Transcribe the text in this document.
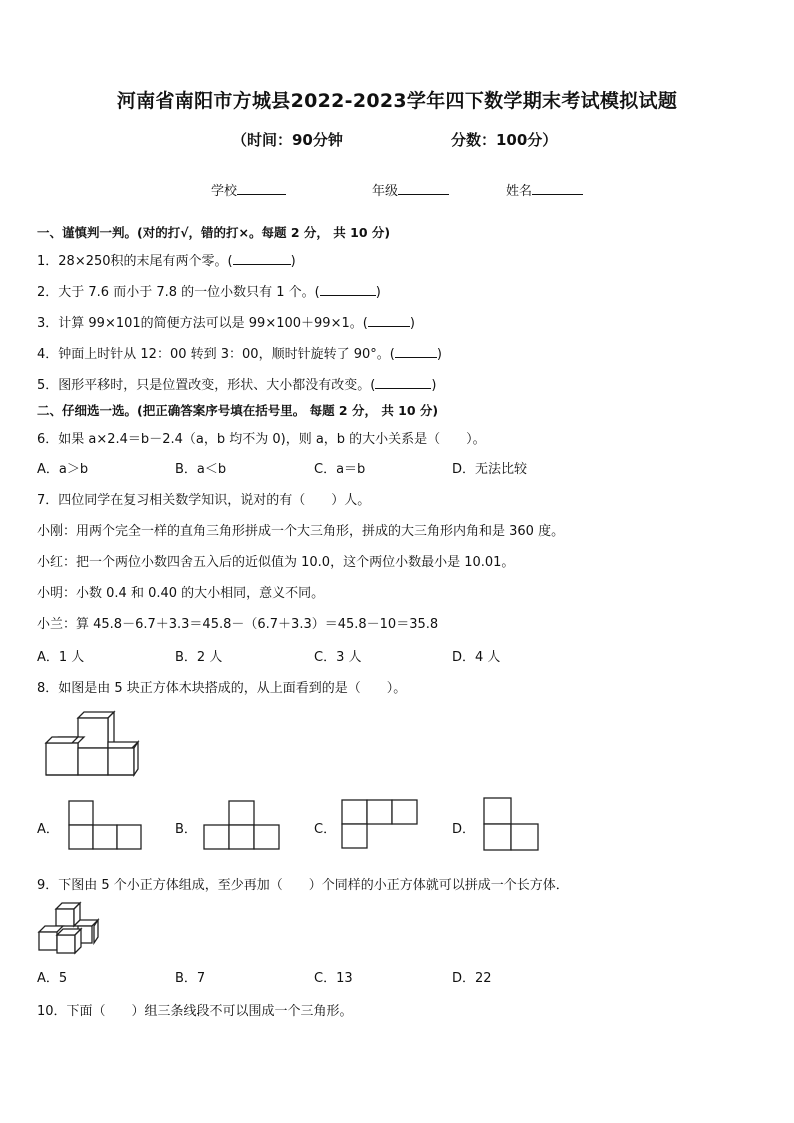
河南省南阳市方城县2022-2023学年四下数学期末考试模拟试题
（时间：90分钟	分数：100分）
学校	年级	姓名
一、谨慎判一判。(对的打√，错的打×。每题 2 分， 共 10 分)
1．28×250积的末尾有两个零。(	)
2．大于 7.6 而小于 7.8 的一位小数只有 1 个。(	)
3．计算 99×101的简便方法可以是 99×100＋99×1。(	)
4．钟面上时针从 12：00 转到 3：00，顺时针旋转了 90°。(	)
5．图形平移时，只是位置改变，形状、大小都没有改变。(	)
二、仔细选一选。(把正确答案序号填在括号里。 每题 2 分， 共 10 分)
6．如果 a×2.4＝b－2.4（a，b 均不为 0)，则 a，b 的大小关系是（　　）。
A．a＞b	B．a＜b	C．a＝b	D．无法比较
7．四位同学在复习相关数学知识，说对的有（　　）人。
小刚：用两个完全一样的直角三角形拼成一个大三角形，拼成的大三角形内角和是 360 度。
小红：把一个两位小数四舍五入后的近似值为 10.0，这个两位小数最小是 10.01。
小明：小数 0.4 和 0.40 的大小相同，意义不同。
小兰：算 45.8－6.7＋3.3＝45.8－（6.7＋3.3）＝45.8－10＝35.8
A．1 人	B．2 人	C．3 人	D．4 人
8．如图是由 5 块正方体木块搭成的，从上面看到的是（　　）。
A．	B．	C．	D．
9．下图由 5 个小正方体组成，至少再加（　　）个同样的小正方体就可以拼成一个长方体．
A．5	B．7	C．13	D．22
10．下面（　　）组三条线段不可以围成一个三角形。
